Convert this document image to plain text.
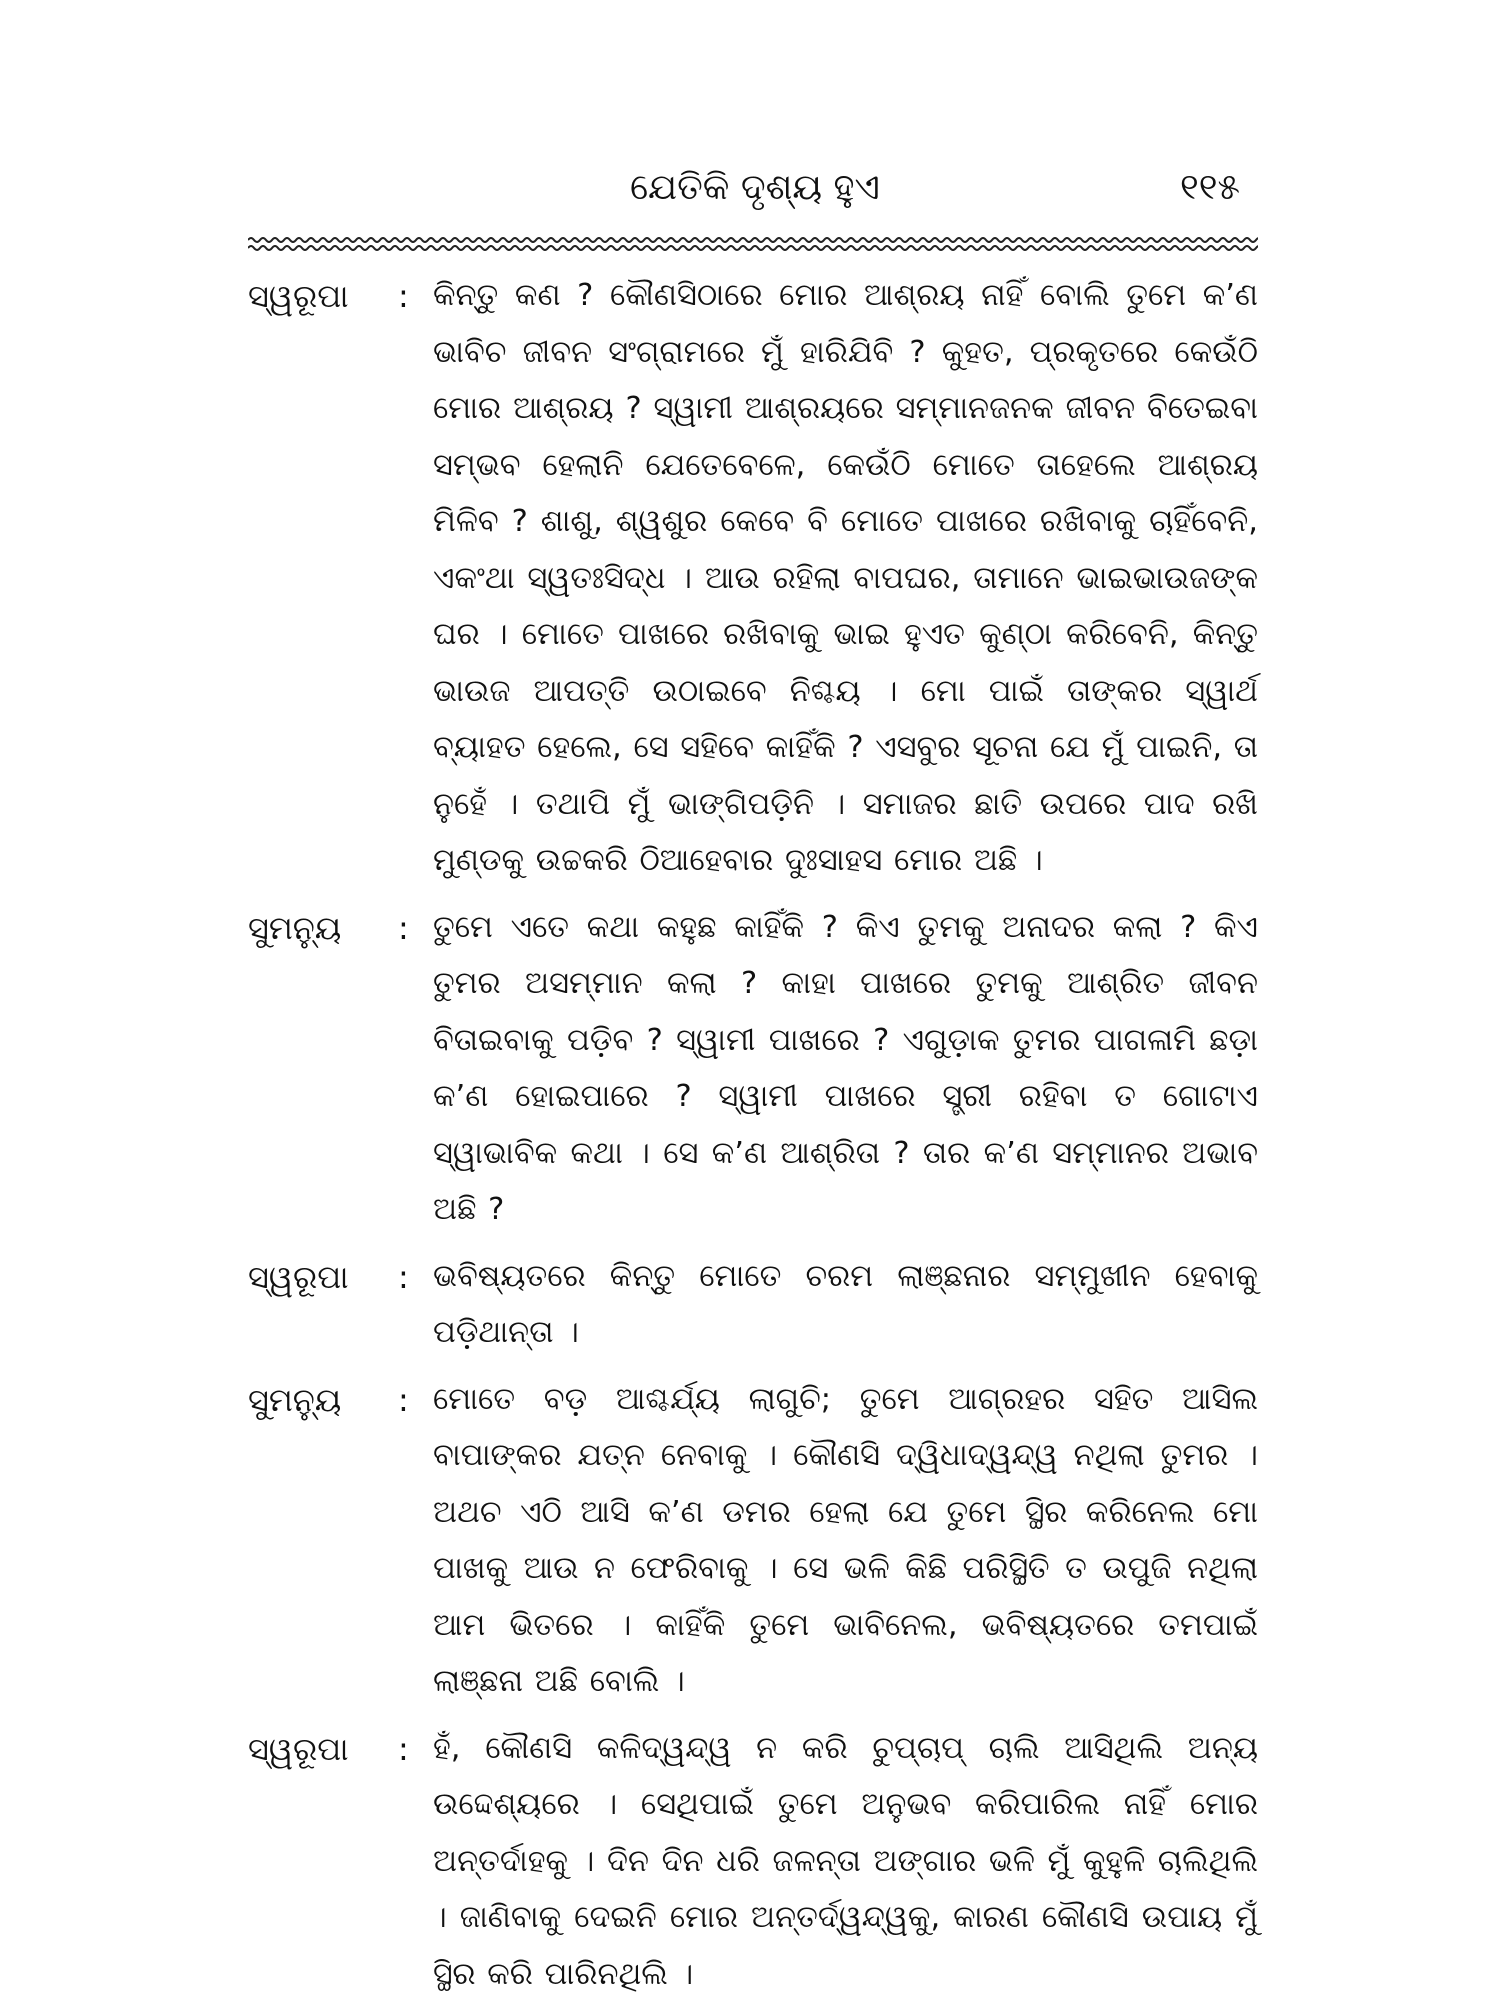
ଯେତିକି ଦୃଶ୍ୟ ହୁଏ	୧୧୫
ସ୍ୱରୂପା	: କିନ୍ତୁ କଣ ? କୌଣସିଠାରେ ମୋର ଆଶ୍ରୟ ନାହିଁ ବୋଲି ତୁମେ କ’ଣ ଭାବିଚ ଜୀବନ ସଂଗ୍ରାମରେ ମୁଁ ହାରିଯିବି ? କୁହତ, ପ୍ରକୃତରେ କେଉଁଠି ମୋର ଆଶ୍ରୟ ? ସ୍ୱାମୀ ଆଶ୍ରୟରେ ସମ୍ମାନଜନକ ଜୀବନ ବିତେଇବା ସମ୍ଭବ ହେଲାନି ଯେତେବେଳେ, କେଉଁଠି ମୋତେ ତାହେଲେ ଆଶ୍ରୟ ମିଳିବ ? ଶାଶୁ, ଶ୍ୱଶୁର କେବେ ବି ମୋତେ ପାଖରେ ରଖିବାକୁ ଚାହିଁବେନି, ଏକଂଥା ସ୍ୱତଃସିଦ୍ଧ । ଆଉ ରହିଲା ବାପଘର, ତାମାନେ ଭାଇଭାଉଜଙ୍କ ଘର । ମୋତେ ପାଖରେ ରଖିବାକୁ ଭାଇ ହୁଏତ କୁଣ୍ଠା କରିବେନି, କିନ୍ତୁ ଭାଉଜ ଆପତ୍ତି ଉଠାଇବେ ନିଶ୍ଚୟ । ମୋ ପାଇଁ ତାଙ୍କର ସ୍ୱାର୍ଥ ବ୍ୟାହତ ହେଲେ, ସେ ସହିବେ କାହିଁକି ? ଏସବୁର ସୂଚନା ଯେ ମୁଁ ପାଇନି, ତା ନୁହେଁ । ତଥାପି ମୁଁ ଭାଙ୍ଗିପଡ଼ିନି । ସମାଜର ଛାତି ଉପରେ ପାଦ ରଖି ମୁଣ୍ଡକୁ ଉଚ୍ଚକରି ଠିଆହେବାର ଦୁଃସାହସ ମୋର ଅଛି ।
ସୁମନ୍ୟୁ	: ତୁମେ ଏତେ କଥା କହୁଛ କାହିଁକି ? କିଏ ତୁମକୁ ଅନାଦର କଲା ? କିଏ ତୁମର ଅସମ୍ମାନ କଲା ? କାହା ପାଖରେ ତୁମକୁ ଆଶ୍ରିତ ଜୀବନ ବିତାଇବାକୁ ପଡ଼ିବ ? ସ୍ୱାମୀ ପାଖରେ ? ଏଗୁଡ଼ାକ ତୁମର ପାଗଳାମି ଛଡ଼ା କ’ଣ ହୋଇପାରେ ? ସ୍ୱାମୀ ପାଖରେ ସ୍ତ୍ରୀ ରହିବା ତ ଗୋଟାଏ ସ୍ୱାଭାବିକ କଥା । ସେ କ’ଣ ଆଶ୍ରିତା ? ତାର କ’ଣ ସମ୍ମାନର ଅଭାବ ଅଛି ?
ସ୍ୱରୂପା	: ଭବିଷ୍ୟତରେ କିନ୍ତୁ ମୋତେ ଚରମ ଲାଞ୍ଛନାର ସମ୍ମୁଖୀନ ହେବାକୁ ପଡ଼ିଥାନ୍ତା ।
ସୁମନ୍ୟୁ	: ମୋତେ ବଡ଼ ଆଶ୍ଚର୍ଯ୍ୟ ଲାଗୁଚି; ତୁମେ ଆଗ୍ରହର ସହିତ ଆସିଲ ବାପାଙ୍କର ଯତ୍ନ ନେବାକୁ । କୌଣସି ଦ୍ୱିଧାଦ୍ୱନ୍ଦ୍ୱ ନଥିଲା ତୁମର । ଅଥଚ ଏଠି ଆସି କ’ଣ ଡମର ହେଲା ଯେ ତୁମେ ସ୍ଥିର କରିନେଲ ମୋ ପାଖକୁ ଆଉ ନ ଫେରିବାକୁ । ସେ ଭଳି କିଛି ପରିସ୍ଥିତି ତ ଉପୁଜି ନଥିଲା ଆମ ଭିତରେ । କାହିଁକି ତୁମେ ଭାବିନେଲ, ଭବିଷ୍ୟତରେ ତମପାଇଁ ଲାଞ୍ଛନା ଅଛି ବୋଲି ।
ସ୍ୱରୂପା	: ହଁ, କୌଣସି କଳିଦ୍ୱନ୍ଦ୍ୱ ନ କରି ଚୁପ୍‌ଚାପ୍ ଚାଲି ଆସିଥିଲି ଅନ୍ୟ ଉଦ୍ଦେଶ୍ୟରେ । ସେଥିପାଇଁ ତୁମେ ଅନୁଭବ କରିପାରିଲ ନାହିଁ ମୋର ଅନ୍ତର୍ଦାହକୁ । ଦିନ ଦିନ ଧରି ଜଳନ୍ତା ଅଙ୍ଗାର ଭଳି ମୁଁ କୁହୁଳି ଚାଲିଥିଲି । ଜାଣିବାକୁ ଦେଇନି ମୋର ଅନ୍ତର୍ଦ୍ୱନ୍ଦ୍ୱକୁ, କାରଣ କୌଣସି ଉପାୟ ମୁଁ ସ୍ଥିର କରି ପାରିନଥିଲି ।
